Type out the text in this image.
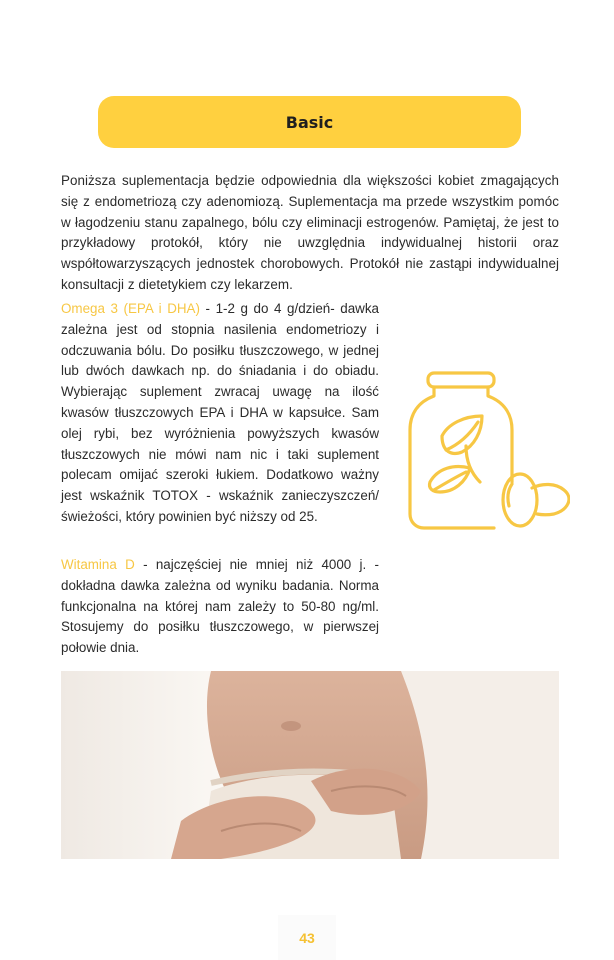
Basic

Poniższa suplementacja będzie odpowiednia dla większości kobiet zmagających się z endometriozą czy adenomiozą. Suplementacja ma przede wszystkim pomóc w łagodzeniu stanu zapalnego, bólu czy eliminacji estrogenów. Pamiętaj, że jest to przykładowy protokół, który nie uwzględnia indywidualnej historii oraz współtowarzyszących jednostek chorobowych. Protokół nie zastąpi indywidualnej konsultacji z dietetykiem czy lekarzem.

Omega 3 (EPA i DHA) - 1-2 g do 4 g/dzień- dawka zależna jest od stopnia nasilenia endometriozy i odczuwania bólu. Do posiłku tłuszczowego, w jednej lub dwóch dawkach np. do śniadania i do obiadu. Wybierając suplement zwracaj uwagę na ilość kwasów tłuszczowych EPA i DHA w kapsułce. Sam olej rybi, bez wyróżnienia powyższych kwasów tłuszczowych nie mówi nam nic i taki suplement polecam omijać szeroki łukiem. Dodatkowo ważny jest wskaźnik TOTOX - wskaźnik zanieczyszczeń/świeżości, który powinien być niższy od 25.

Witamina D - najczęściej nie mniej niż 4000 j. - dokładna dawka zależna od wyniku badania. Norma funkcjonalna na której nam zależy to 50-80 ng/ml. Stosujemy do posiłku tłuszczowego, w pierwszej połowie dnia.

43
